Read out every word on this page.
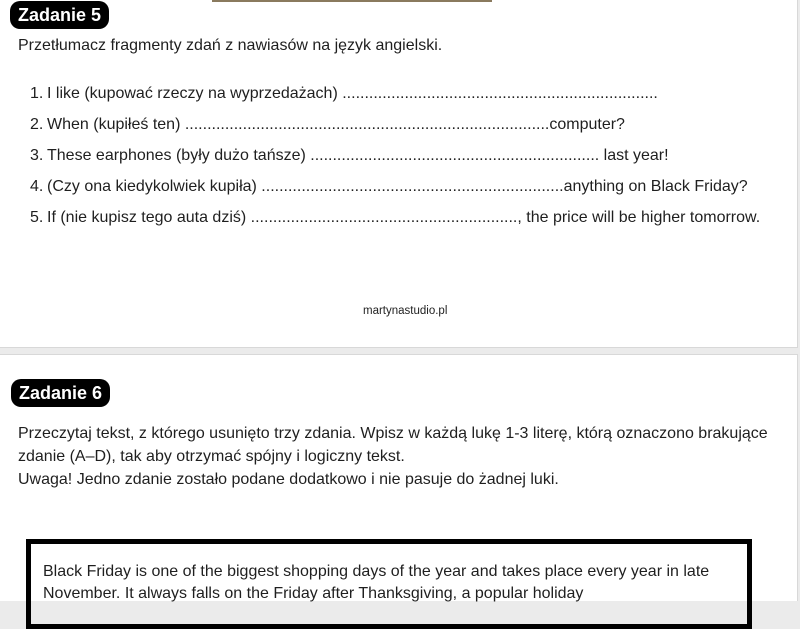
Zadanie 5
Przetłumacz fragmenty zdań z nawiasów na język angielski.
1. I like (kupować rzeczy na wyprzedażach) .......................................................................
2. When (kupiłeś ten) ..................................................................................computer?
3. These earphones (były dużo tańsze) ................................................................. last year!
4. (Czy ona kiedykolwiek kupiła) ....................................................................anything on Black Friday?
5. If (nie kupisz tego auta dziś) ............................................................, the price will be higher tomorrow.
martynastudio.pl
Zadanie 6
Przeczytaj tekst, z którego usunięto trzy zdania. Wpisz w każdą lukę 1-3 literę, którą oznaczono brakujące zdanie (A–D), tak aby otrzymać spójny i logiczny tekst.
Uwaga! Jedno zdanie zostało podane dodatkowo i nie pasuje do żadnej luki.
Black Friday is one of the biggest shopping days of the year and takes place every year in late November. It always falls on the Friday after Thanksgiving, a popular holiday
